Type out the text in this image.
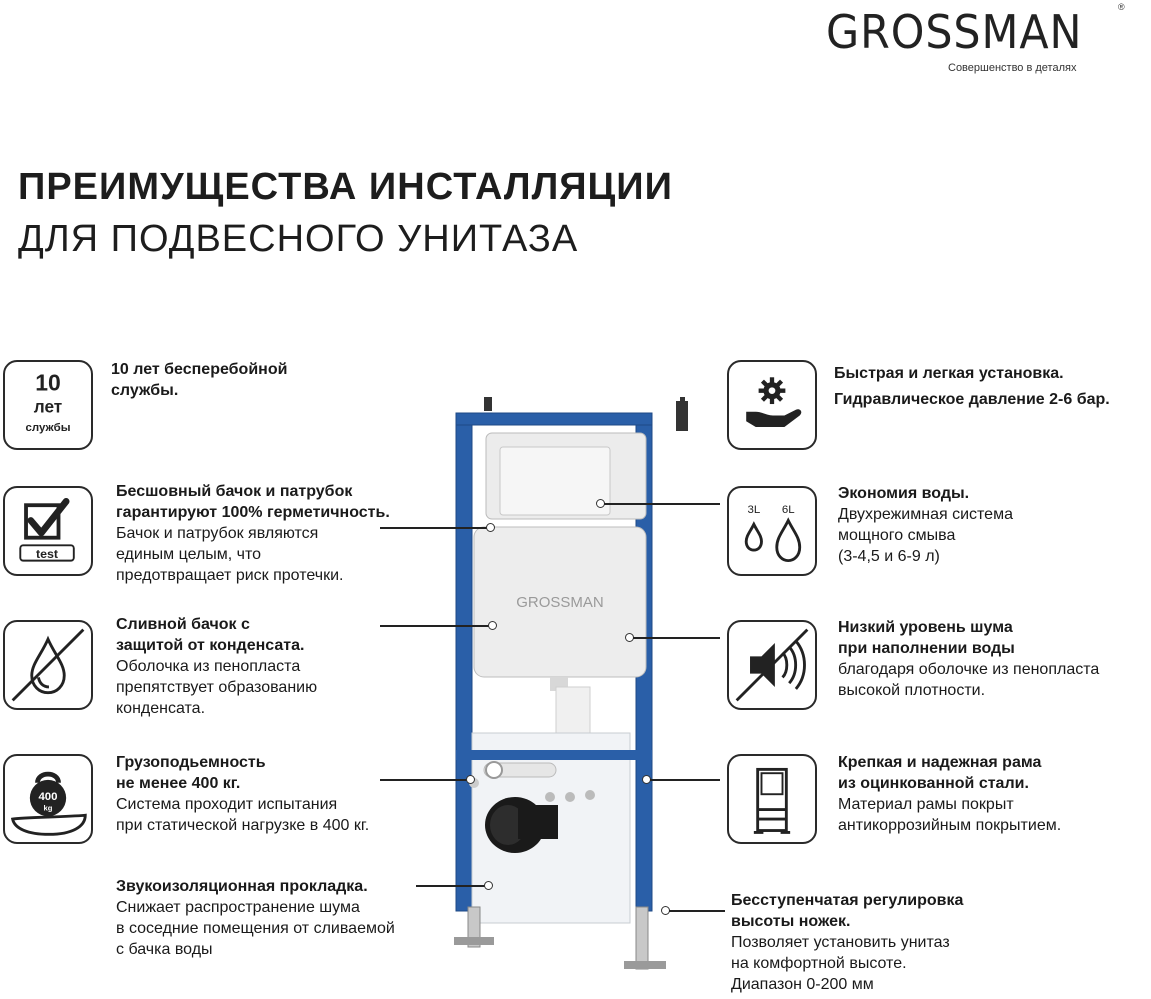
GROSSMAN	®
Совершенство в деталях
ПРЕИМУЩЕСТВА ИНСТАЛЛЯЦИИ
ДЛЯ ПОДВЕСНОГО УНИТАЗА
GROSSMAN
10
лет
службы
test
400
kg
3L 6L
10 лет бесперебойной
службы.
Бесшовный бачок и патрубок
гарантируют 100% герметичность.
Бачок и патрубок являются
единым целым, что
предотвращает риск протечки.
Сливной бачок с
защитой от конденсата.
Оболочка из пенопласта
препятствует образованию
конденсата.
Грузоподьемность
не менее 400 кг.
Система проходит испытания
при статической нагрузке в 400 кг.
Звукоизоляционная прокладка.
Снижает распространение шума
в соседние помещения от сливаемой
с бачка воды
Быстрая и легкая установка.
Гидравлическое давление 2-6 бар.
Экономия воды.
Двухрежимная система
мощного смыва
(3-4,5 и 6-9 л)
Низкий уровень шума
при наполнении воды
благодаря оболочке из пенопласта
высокой плотности.
Крепкая и надежная рама
из оцинкованной стали.
Материал рамы покрыт
антикоррозийным покрытием.
Бесступенчатая регулировка
высоты ножек.
Позволяет установить унитаз
на комфортной высоте.
Диапазон 0-200 мм
